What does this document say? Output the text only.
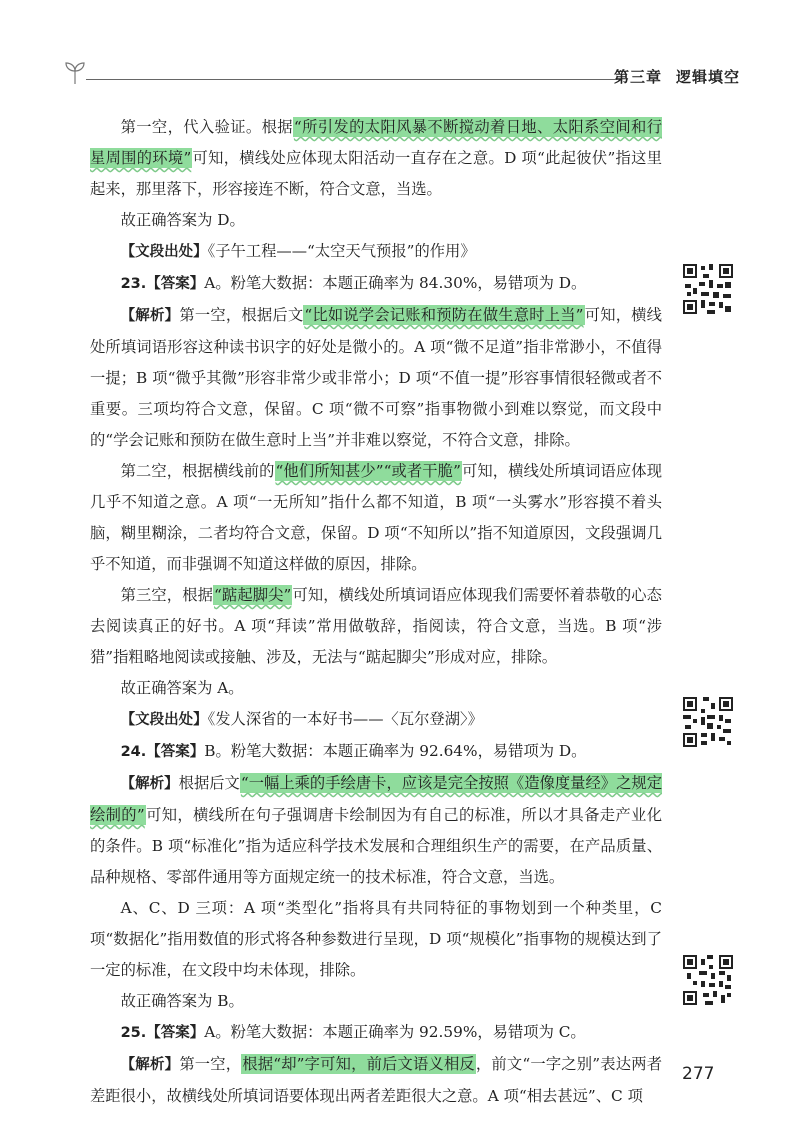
第三章 逻辑填空

第一空，代入验证。根据“所引发的太阳风暴不断搅动着日地、太阳系空间和行星周围的环境”可知，横线处应体现太阳活动一直存在之意。D 项“此起彼伏”指这里起来，那里落下，形容接连不断，符合文意，当选。

故正确答案为 D。

【文段出处】《子午工程——“太空天气预报”的作用》

23.【答案】A。粉笔大数据：本题正确率为 84.30%，易错项为 D。

【解析】第一空，根据后文“比如说学会记账和预防在做生意时上当”可知，横线处所填词语形容这种读书识字的好处是微小的。A 项“微不足道”指非常渺小，不值得一提；B 项“微乎其微”形容非常少或非常小；D 项“不值一提”形容事情很轻微或者不重要。三项均符合文意，保留。C 项“微不可察”指事物微小到难以察觉，而文段中的“学会记账和预防在做生意时上当”并非难以察觉，不符合文意，排除。

第二空，根据横线前的“他们所知甚少”“或者干脆”可知，横线处所填词语应体现几乎不知道之意。A 项“一无所知”指什么都不知道，B 项“一头雾水”形容摸不着头脑，糊里糊涂，二者均符合文意，保留。D 项“不知所以”指不知道原因，文段强调几乎不知道，而非强调不知道这样做的原因，排除。

第三空，根据“踮起脚尖”可知，横线处所填词语应体现我们需要怀着恭敬的心态去阅读真正的好书。A 项“拜读”常用做敬辞，指阅读，符合文意，当选。B 项“涉猎”指粗略地阅读或接触、涉及，无法与“踮起脚尖”形成对应，排除。

故正确答案为 A。

【文段出处】《发人深省的一本好书——〈瓦尔登湖〉》

24.【答案】B。粉笔大数据：本题正确率为 92.64%，易错项为 D。

【解析】根据后文“一幅上乘的手绘唐卡，应该是完全按照《造像度量经》之规定绘制的”可知，横线所在句子强调唐卡绘制因为有自己的标准，所以才具备走产业化的条件。B 项“标准化”指为适应科学技术发展和合理组织生产的需要，在产品质量、品种规格、零部件通用等方面规定统一的技术标准，符合文意，当选。

A、C、D 三项：A 项“类型化”指将具有共同特征的事物划到一个种类里，C 项“数据化”指用数值的形式将各种参数进行呈现，D 项“规模化”指事物的规模达到了一定的标准，在文段中均未体现，排除。

故正确答案为 B。

25.【答案】A。粉笔大数据：本题正确率为 92.59%，易错项为 C。

【解析】第一空，根据“却”字可知，前后文语义相反，前文“一字之别”表达两者差距很小，故横线处所填词语要体现出两者差距很大之意。A 项“相去甚远”、C 项

277
